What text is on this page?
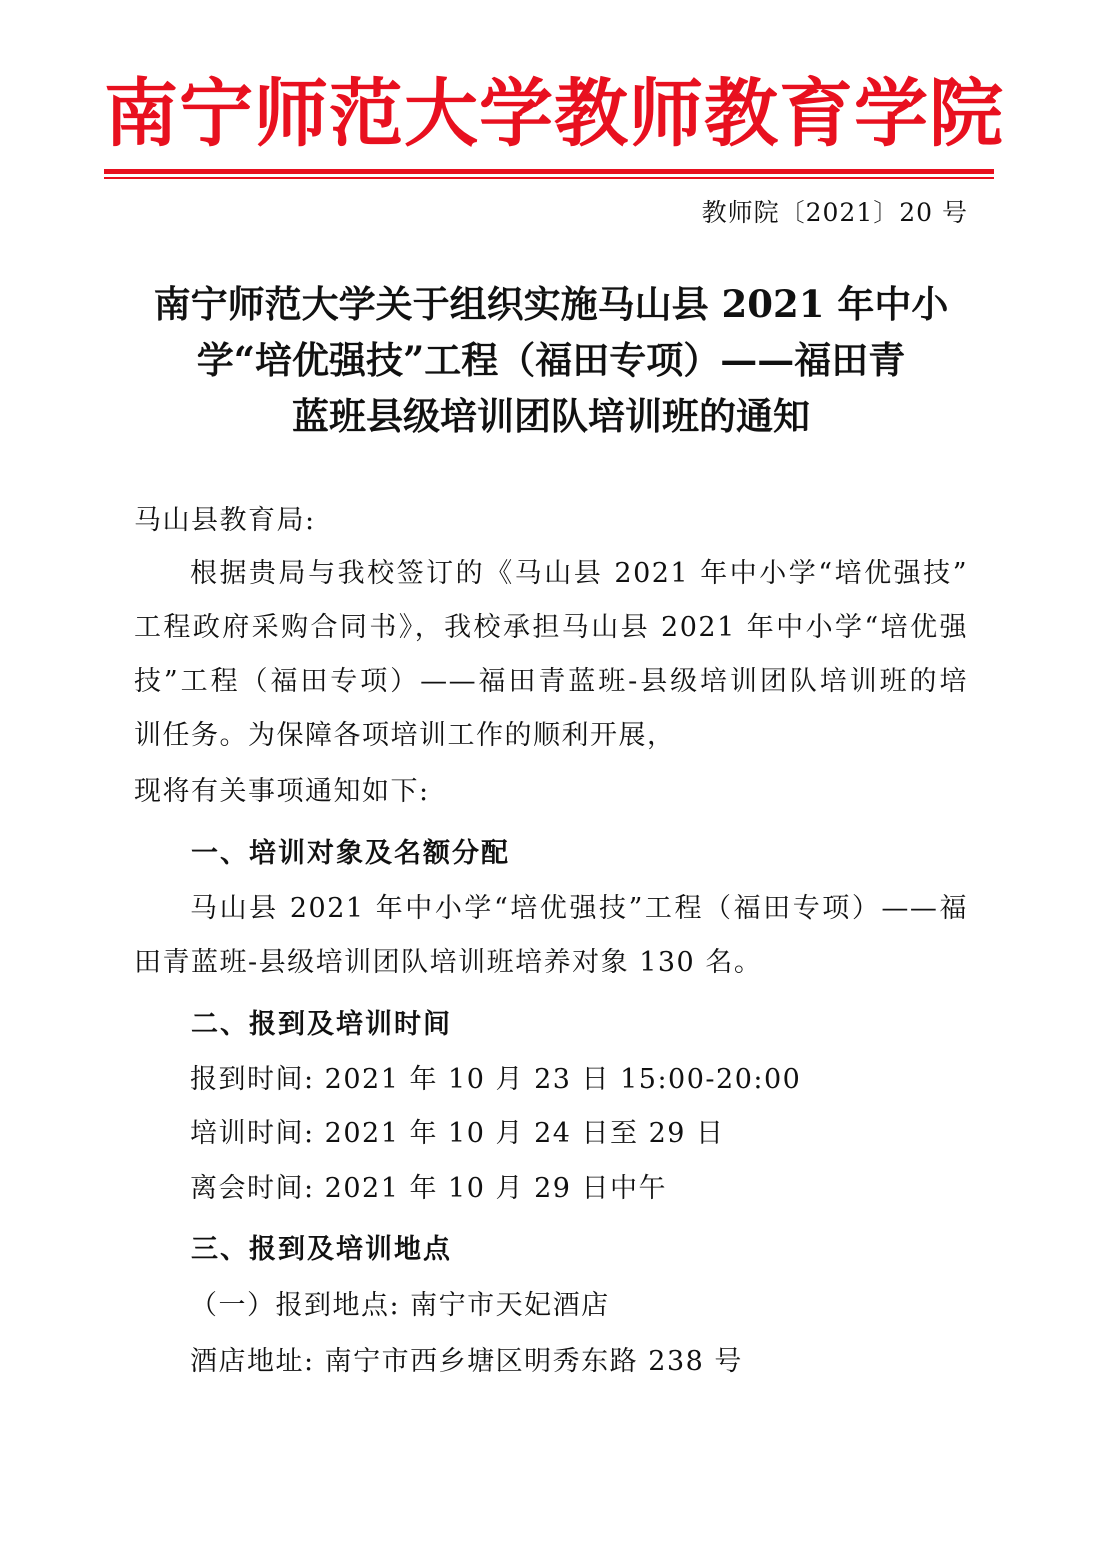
南宁师范大学教师教育学院
教师院〔2021〕20 号
南宁师范大学关于组织实施马山县 2021 年中小
学“培优强技”工程（福田专项）——福田青
蓝班县级培训团队培训班的通知
马山县教育局:
根据贵局与我校签订的《马山县 2021 年中小学“培优强技”
工程政府采购合同书》，我校承担马山县 2021 年中小学“培优强
技”工程（福田专项）——福田青蓝班-县级培训团队培训班的培
训任务。为保障各项培训工作的顺利开展，
现将有关事项通知如下:
一、培训对象及名额分配
马山县 2021 年中小学“培优强技”工程（福田专项）——福
田青蓝班-县级培训团队培训班培养对象 130 名。
二、报到及培训时间
报到时间: 2021 年 10 月 23 日 15:00-20:00
培训时间: 2021 年 10 月 24 日至 29 日
离会时间: 2021 年 10 月 29 日中午
三、报到及培训地点
（一）报到地点: 南宁市天妃酒店
酒店地址: 南宁市西乡塘区明秀东路 238 号
